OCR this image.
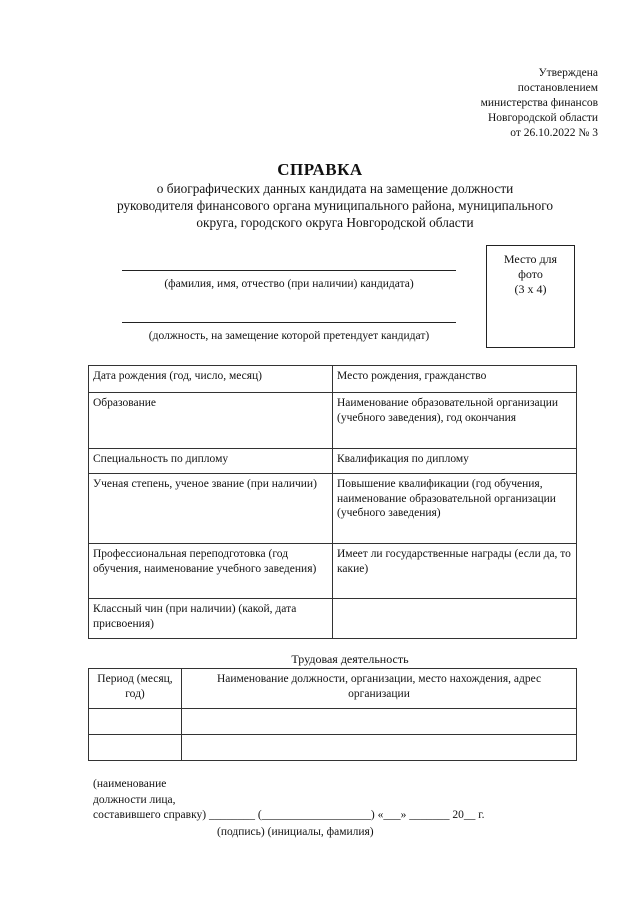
Утверждена
постановлением
министерства финансов
Новгородской области
от 26.10.2022 № 3
СПРАВКА
о биографических данных кандидата на замещение должности
руководителя финансового органа муниципального района, муниципального
округа, городского округа Новгородской области
(фамилия, имя, отчество (при наличии) кандидата)
(должность, на замещение которой претендует кандидат)
Место для
фото
(3 х 4)
Дата рождения (год, число, месяц)	Место рождения, гражданство
Образование	Наименование образовательной организации (учебного заведения), год окончания
Специальность по диплому	Квалификация по диплому
Ученая степень, ученое звание (при наличии)	Повышение квалификации (год обучения, наименование образовательной организации (учебного заведения)
Профессиональная переподготовка (год обучения, наименование учебного заведения)	Имеет ли государственные награды (если да, то какие)
Классный чин (при наличии) (какой, дата присвоения)	
Трудовая деятельность
Период (месяц, год)	Наименование должности, организации, место нахождения, адрес организации

(наименование
должности лица,
составившего справку) ________ (___________________) «___» _______ 20__ г.
(подпись) (инициалы, фамилия)
